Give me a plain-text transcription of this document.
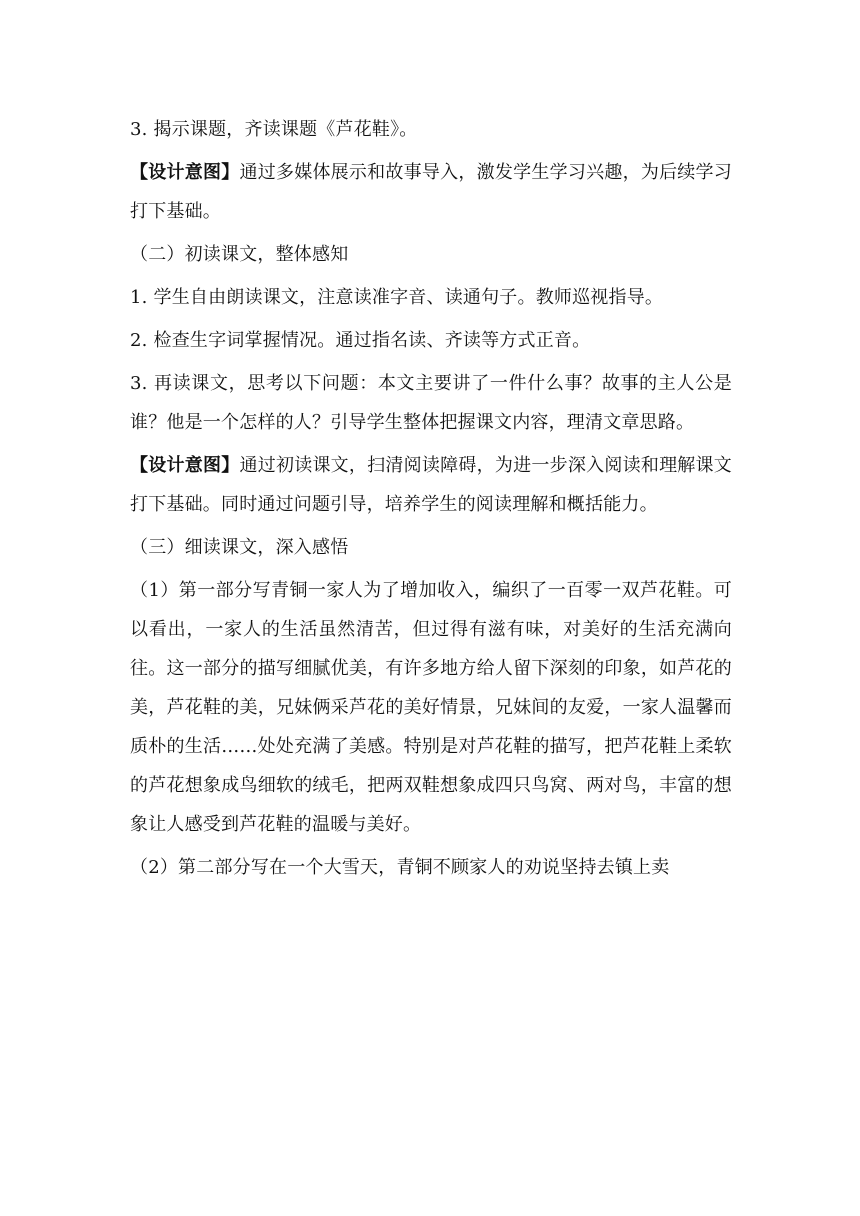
3. 揭示课题，齐读课题《芦花鞋》。

【设计意图】通过多媒体展示和故事导入，激发学生学习兴趣，为后续学习打下基础。

（二）初读课文，整体感知

1. 学生自由朗读课文，注意读准字音、读通句子。教师巡视指导。

2. 检查生字词掌握情况。通过指名读、齐读等方式正音。

3. 再读课文，思考以下问题：本文主要讲了一件什么事？故事的主人公是谁？他是一个怎样的人？引导学生整体把握课文内容，理清文章思路。

【设计意图】通过初读课文，扫清阅读障碍，为进一步深入阅读和理解课文打下基础。同时通过问题引导，培养学生的阅读理解和概括能力。

（三）细读课文，深入感悟

（1）第一部分写青铜一家人为了增加收入，编织了一百零一双芦花鞋。可以看出，一家人的生活虽然清苦，但过得有滋有味，对美好的生活充满向往。这一部分的描写细腻优美，有许多地方给人留下深刻的印象，如芦花的美，芦花鞋的美，兄妹俩采芦花的美好情景，兄妹间的友爱，一家人温馨而质朴的生活……处处充满了美感。特别是对芦花鞋的描写，把芦花鞋上柔软的芦花想象成鸟细软的绒毛，把两双鞋想象成四只鸟窝、两对鸟，丰富的想象让人感受到芦花鞋的温暖与美好。

（2）第二部分写在一个大雪天，青铜不顾家人的劝说坚持去镇上卖
